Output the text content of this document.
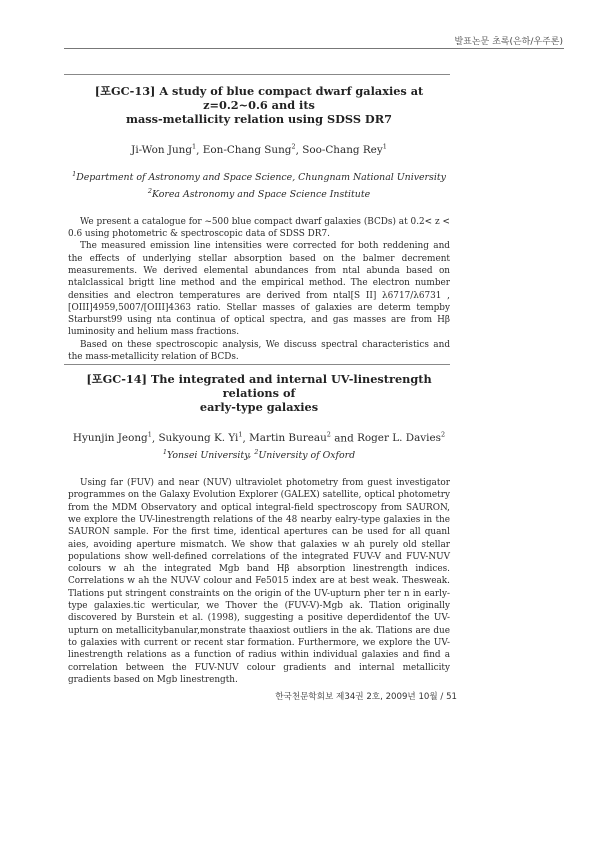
발표논문 초록(은하/우주론)
[포GC-13] A study of blue compact dwarf galaxies at z=0.2~0.6 and its
mass-metallicity relation using SDSS DR7
Ji-Won Jung$^1$, Eon-Chang Sung$^2$, Soo-Chang Rey$^1$
$^1$Department of Astronomy and Space Science, Chungnam National University
$^2$Korea Astronomy and Space Science Institute

We present a catalogue for ~500 blue compact dwarf galaxies (BCDs) at 0.2< z < 0.6 using photometric & spectroscopic data of SDSS DR7.

The measured emission line intensities were corrected for both reddening and the effects of underlying stellar absorption based on the balmer decrement measurements. We derived elemental abundances from ntal abunda based on ntalclassical brigtt line method and the empirical method. The electron number densities and electron temperatures are derived from ntal[S II] λ6717/λ6731 ,[OIII]4959,5007/[OIII]4363 ratio. Stellar masses of galaxies are determ tempby Starburst99 using nta continua of optical spectra, and gas masses are from Hβ luminosity and helium mass fractions.

Based on these spectroscopic analysis, We discuss spectral characteristics and the mass-metallicity relation of BCDs.

[포GC-14] The integrated and internal UV-linestrength relations of
early-type galaxies
Hyunjin Jeong$^1$, Sukyoung K. Yi$^1$, Martin Bureau$^2$ and Roger L. Davies$^2$
$^1$Yonsei University, $^2$University of Oxford

Using far (FUV) and near (NUV) ultraviolet photometry from guest investigator programmes on the Galaxy Evolution Explorer (GALEX) satellite, optical photometry from the MDM Observatory and optical integral-field spectroscopy from SAURON, we explore the UV-linestrength relations of the 48 nearby ealry-type galaxies in the SAURON sample. For the first time, identical apertures can be used for all quanl aies, avoiding aperture mismatch. We show that galaxies w ah purely old stellar populations show well-defined correlations of the integrated FUV-V and FUV-NUV colours w ah the integrated Mgb band Hβ absorption linestrength indices. Correlations w ah the NUV-V colour and Fe5015 index are at best weak. Thesweak. Tlations put stringent constraints on the origin of the UV-upturn pher ter n in early-type galaxies.tic werticular, we Thover the (FUV-V)-Mgb ak. Tlation originally discovered by Burstein et al. (1998), suggesting a positive deperdidentof the UV-upturn on metallicitybanular,monstrate thaaxiost outliers in the ak. Tlations are due to galaxies with current or recent star formation. Furthermore, we explore the UV-linestrength relations as a function of radius within individual galaxies and find a correlation between the FUV-NUV colour gradients and internal metallicity gradients based on Mgb linestrength.

한국천문학회보 제34권 2호, 2009년 10월 / 51
